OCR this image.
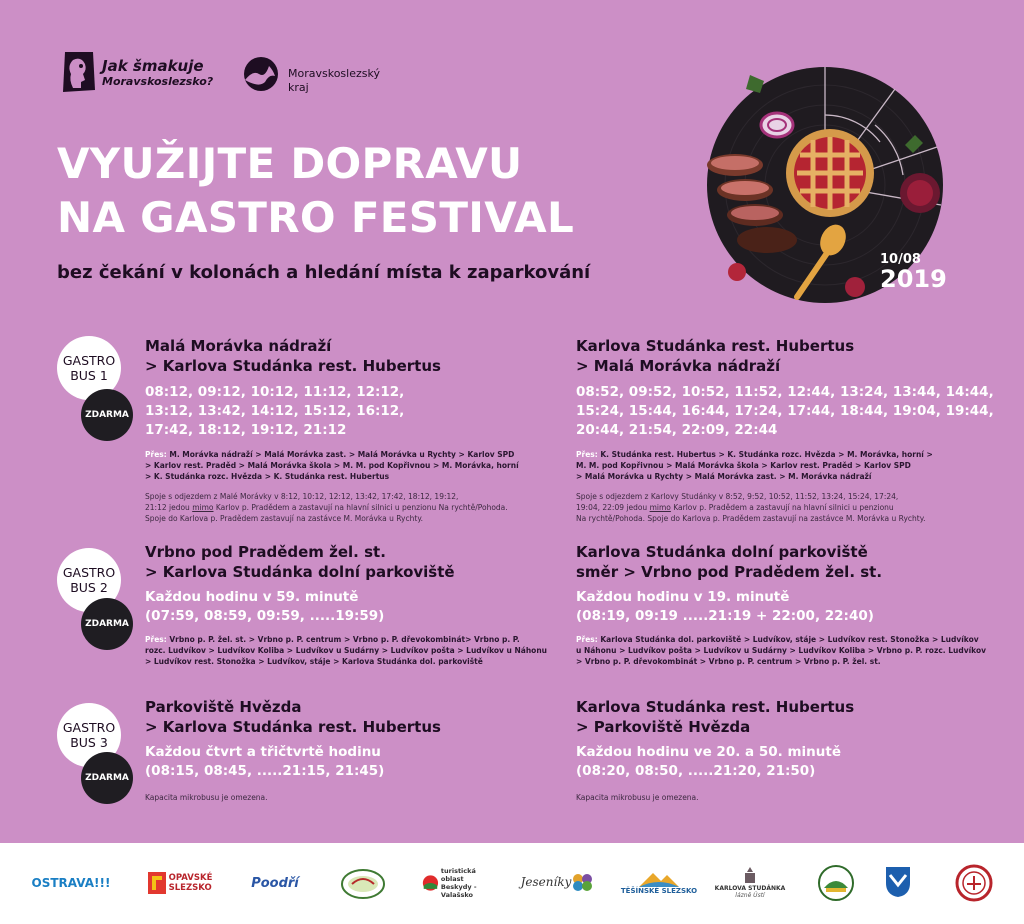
Jak šmakuje
Moravskoslezsko?
Moravskoslezský
kraj
VYUŽIJTE DOPRAVU
NA GASTRO FESTIVAL
bez čekání v kolonách a hledání místa k zaparkování
10/08
2019
GASTRO
BUS 1
ZDARMA
Malá Morávka nádraží
> Karlova Studánka rest. Hubertus
08:12, 09:12, 10:12, 11:12, 12:12,
13:12, 13:42, 14:12, 15:12, 16:12,
17:42, 18:12, 19:12, 21:12
Přes: M. Morávka nádraží > Malá Morávka zast. > Malá Morávka u Rychty > Karlov SPD
> Karlov rest. Praděd > Malá Morávka škola > M. M. pod Kopřivnou > M. Morávka, horní
> K. Studánka rozc. Hvězda > K. Studánka rest. Hubertus
Spoje s odjezdem z Malé Morávky v 8:12, 10:12, 12:12, 13:42, 17:42, 18:12, 19:12,
21:12 jedou mimo Karlov p. Pradědem a zastavují na hlavní silnici u penzionu Na rychtě/Pohoda.
Spoje do Karlova p. Pradědem zastavují na zastávce M. Morávka u Rychty.
Karlova Studánka rest. Hubertus
> Malá Morávka nádraží
08:52, 09:52, 10:52, 11:52, 12:44, 13:24, 13:44, 14:44,
15:24, 15:44, 16:44, 17:24, 17:44, 18:44, 19:04, 19:44,
20:44, 21:54, 22:09, 22:44
Přes: K. Studánka rest. Hubertus > K. Studánka rozc. Hvězda > M. Morávka, horní >
M. M. pod Kopřivnou > Malá Morávka škola > Karlov rest. Praděd > Karlov SPD
> Malá Morávka u Rychty > Malá Morávka zast. > M. Morávka nádraží
Spoje s odjezdem z Karlovy Studánky v 8:52, 9:52, 10:52, 11:52, 13:24, 15:24, 17:24,
19:04, 22:09 jedou mimo Karlov p. Pradědem a zastavují na hlavní silnici u penzionu
Na rychtě/Pohoda. Spoje do Karlova p. Pradědem zastavují na zastávce M. Morávka u Rychty.
GASTRO
BUS 2
ZDARMA
Vrbno pod Pradědem žel. st.
> Karlova Studánka dolní parkoviště
Každou hodinu v 59. minutě
(07:59, 08:59, 09:59, .....19:59)
Přes: Vrbno p. P. žel. st. > Vrbno p. P. centrum > Vrbno p. P. dřevokombinát> Vrbno p. P.
rozc. Ludvíkov > Ludvíkov Koliba > Ludvíkov u Sudárny > Ludvíkov pošta > Ludvíkov u Náhonu
> Ludvíkov rest. Stonožka > Ludvíkov, stáje > Karlova Studánka dol. parkoviště
Karlova Studánka dolní parkoviště
směr > Vrbno pod Pradědem žel. st.
Každou hodinu v 19. minutě
(08:19, 09:19 .....21:19 + 22:00, 22:40)
Přes: Karlova Studánka dol. parkoviště > Ludvíkov, stáje > Ludvíkov rest. Stonožka > Ludvíkov
u Náhonu > Ludvíkov pošta > Ludvíkov u Sudárny > Ludvíkov Koliba > Vrbno p. P. rozc. Ludvíkov
> Vrbno p. P. dřevokombinát > Vrbno p. P. centrum > Vrbno p. P. žel. st.
GASTRO
BUS 3
ZDARMA
Parkoviště Hvězda
> Karlova Studánka rest. Hubertus
Každou čtvrt a třičtvrtě hodinu
(08:15, 08:45, .....21:15, 21:45)
Kapacita mikrobusu je omezena.
Karlova Studánka rest. Hubertus
> Parkoviště Hvězda
Každou hodinu ve 20. a 50. minutě
(08:20, 08:50, .....21:20, 21:50)
Kapacita mikrobusu je omezena.
OSTRAVA!!!	OPAVSKÉ
SLEZSKO	Poodří
turistická oblast
Beskydy - Valašsko
Jeseníky
TĚŠÍNSKÉ SLEZSKO	KARLOVA STUDÁNKA
lázně Ústí
